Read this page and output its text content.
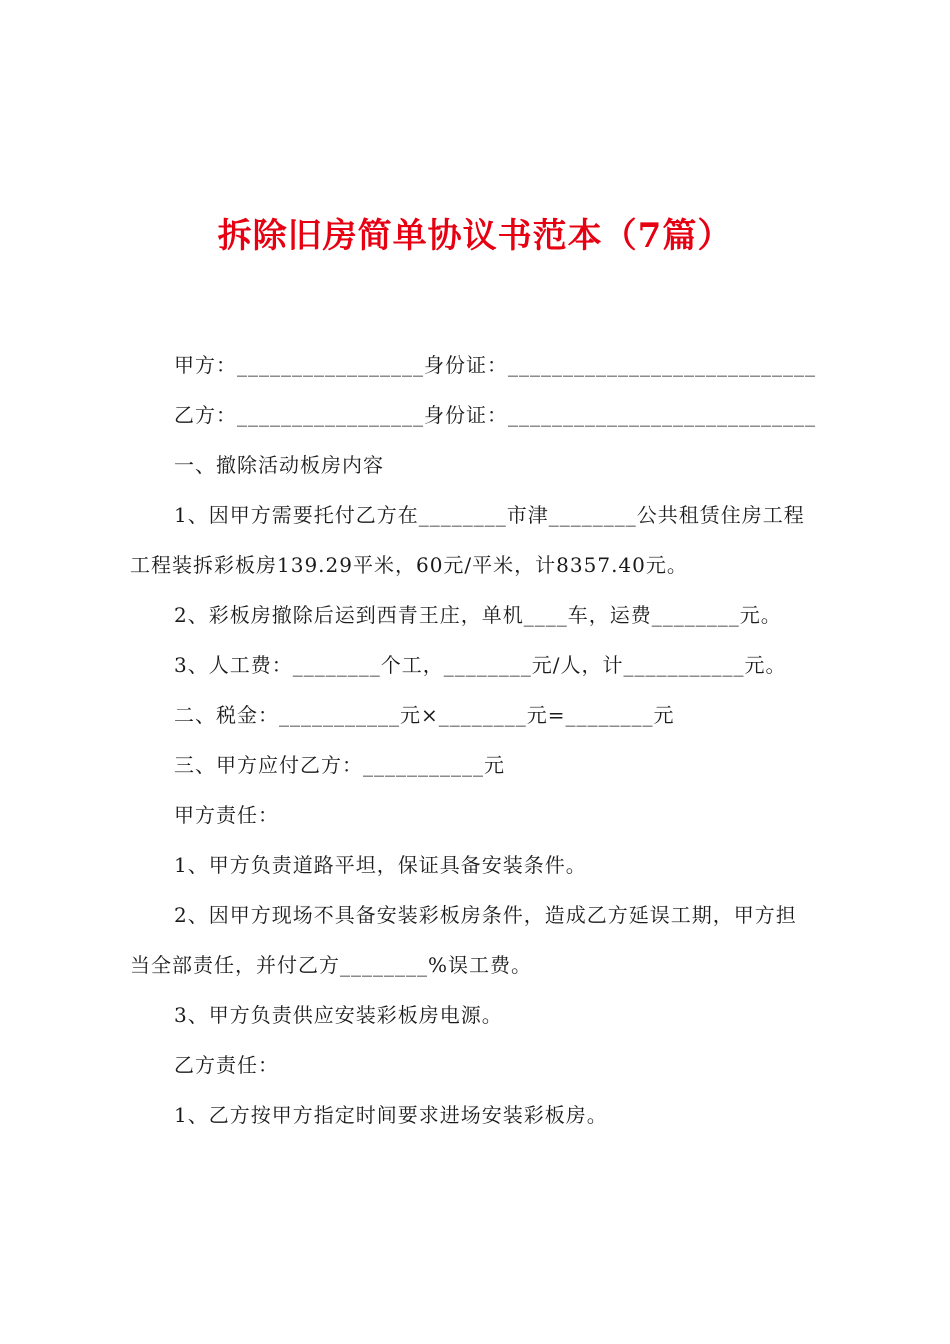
拆除旧房简单协议书范本（7篇）

甲方：_________________身份证：____________________________

乙方：_________________身份证：____________________________

一、撤除活动板房内容

1、因甲方需要托付乙方在________市津________公共租赁住房工程

工程装拆彩板房139.29平米，60元/平米，计8357.40元。

2、彩板房撤除后运到西青王庄，单机____车，运费________元。

3、人工费：________个工，________元/人，计___________元。

二、税金：___________元×________元=________元

三、甲方应付乙方：___________元

甲方责任：

1、甲方负责道路平坦，保证具备安装条件。

2、因甲方现场不具备安装彩板房条件，造成乙方延误工期，甲方担

当全部责任，并付乙方________%误工费。

3、甲方负责供应安装彩板房电源。

乙方责任：

1、乙方按甲方指定时间要求进场安装彩板房。
